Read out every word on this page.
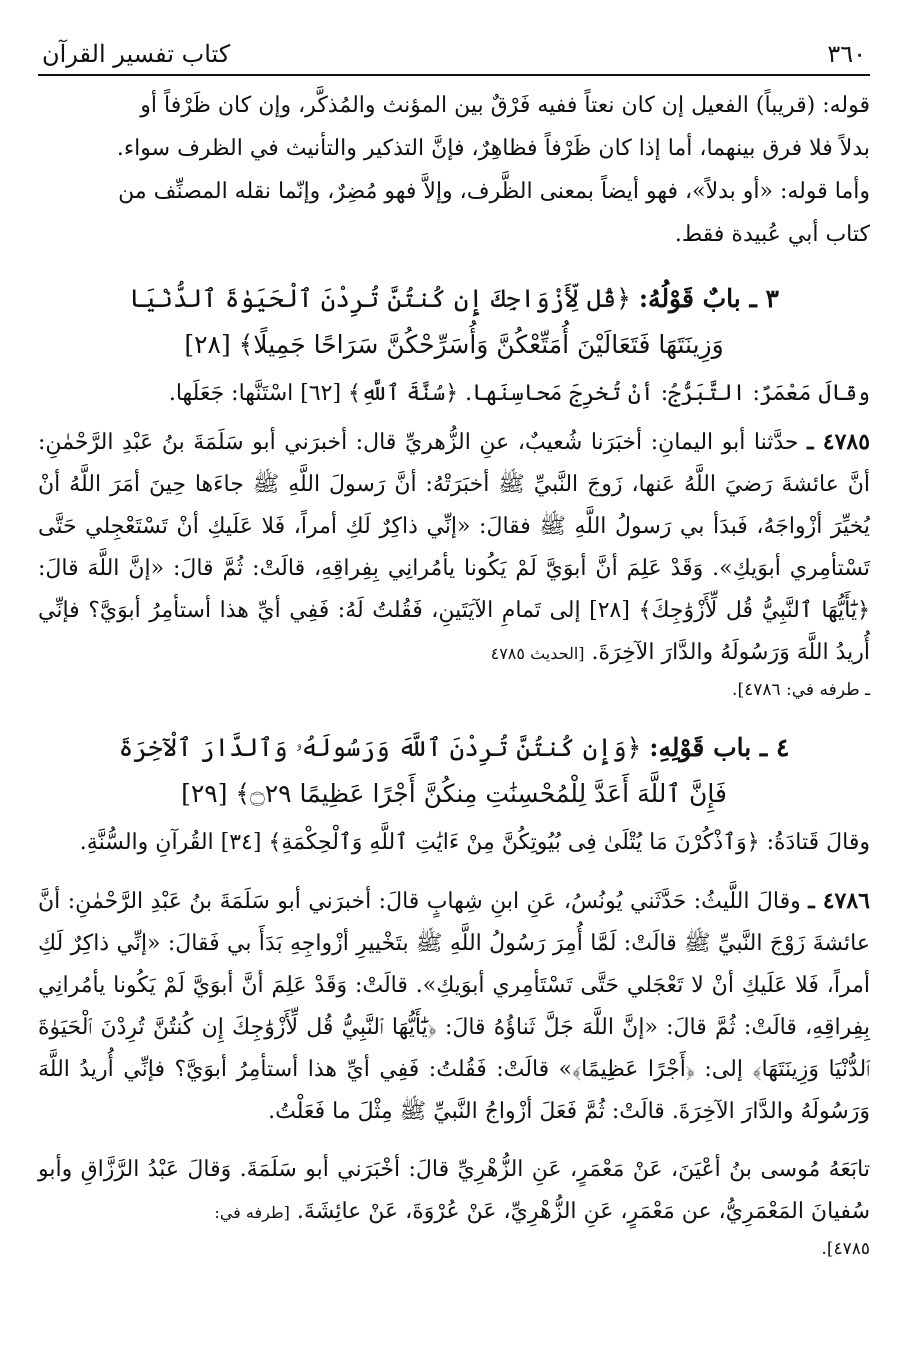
٣٦٠
كتاب تفسير القرآن

قوله: (قريباً) الفعيل إن كان نعتاً ففيه فَرْقٌ بين المؤنث والمُذكَّر، وإن كان ظَرْفاً أو

بدلاً فلا فرق بينهما، أما إذا كان ظَرْفاً فظاهِرٌ، فإنَّ التذكير والتأنيث في الظرف سواء.

وأما قوله: «أو بدلاً»، فهو أيضاً بمعنى الظَّرف، وإلاَّ فهو مُضِرٌ، وإنّما نقله المصنِّف من

كتاب أبي عُبيدة فقط.

٣ ـ بابٌ قَوْلُهُ: ﴿قُل لِّأَزْوَاجِكَ إِن كُنتُنَّ تُرِدْنَ ٱلْحَيَوٰةَ ٱلدُّنْيَا
وَزِينَتَهَا فَتَعَالَيْنَ أُمَتِّعْكُنَّ وَأُسَرِّحْكُنَّ سَرَاحًا جَمِيلًا﴾ [٢٨]

وقالَ مَعْمَرٌ: التَّبَرُّجُ: أنْ تُخرِجَ مَحاسِنَها. ﴿سُنَّةَ ٱللَّهِ﴾ [٦٢] اسْتَنَّها: جَعَلَها.

٤٧٨٥ ـ حدَّثنا أبو اليمانِ: أخبَرَنا شُعيبٌ، عنِ الزُّهريِّ قال: أخبرَني أبو سَلَمَةَ بنُ عَبْدِ الرَّحْمٰنِ: أنَّ عائشةَ رَضيَ اللَّهُ عَنها، زَوجَ النَّبيِّ ﷺ أخبَرَتْهُ: أنَّ رَسولَ اللَّهِ ﷺ جاءَها حِينَ أمَرَ اللَّهُ أنْ يُخيِّرَ أزْواجَهُ، فَبدَأ بي رَسولُ اللَّهِ ﷺ فقالَ: «إنِّي ذاكِرٌ لَكِ أمراً، فَلا عَلَيكِ أنْ تَسْتَعْجِلي حَتَّى تَسْتأمِري أبوَيكِ». وَقَدْ عَلِمَ أنَّ أبوَيَّ لَمْ يَكُونا يأمُرانِي بِفِراقِهِ، قالَتْ: ثُمَّ قالَ: «إنَّ اللَّهَ قالَ: ﴿يَٰٓأَيُّهَا ٱلنَّبِيُّ قُل لِّأَزْوَٰجِكَ﴾ [٢٨] إلى تَمامِ الآيَتَينِ، فَقُلتُ لَهُ: فَفِي أيِّ هذا أستأمِرُ أبوَيَّ؟ فإنِّي أُريدُ اللَّهَ وَرَسُولَهُ والدَّارَ الآخِرَةَ. [الحديث ٤٧٨٥

ـ طرفه في: ٤٧٨٦].

٤ ـ باب قَوْلِهِ: ﴿وَإِن كُنتُنَّ تُرِدْنَ ٱللَّهَ وَرَسُولَهُۥ وَٱلدَّارَ ٱلْآخِرَةَ
فَإِنَّ ٱللَّهَ أَعَدَّ لِلْمُحْسِنَٰتِ مِنكُنَّ أَجْرًا عَظِيمًا ۝٢٩﴾ [٢٩]

وقالَ قَتادَةُ: ﴿وَٱذْكُرْنَ مَا يُتْلَىٰ فِى بُيُوتِكُنَّ مِنْ ءَايَٰتِ ٱللَّهِ وَٱلْحِكْمَةِ﴾ [٣٤] القُرآنِ والسُّنَّةِ.

٤٧٨٦ ـ وقالَ اللَّيثُ: حَدَّثَني يُونُسُ، عَنِ ابنِ شِهابٍ قالَ: أخبرَني أبو سَلَمَةَ بنُ عَبْدِ الرَّحْمٰنِ: أنَّ عائشةَ زَوْجَ النَّبيِّ ﷺ قالَتْ: لَمَّا أُمِرَ رَسُولُ اللَّهِ ﷺ بتَخْييرِ أزْواجِهِ بَدَأَ بي فَقالَ: «إنِّي ذاكِرٌ لَكِ أمراً، فَلا عَلَيكِ أنْ لا تَعْجَلي حَتَّى تَسْتَأمِري أبوَيكِ». قالَتْ: وَقَدْ عَلِمَ أنَّ أبوَيَّ لَمْ يَكُونا يأمُرانِي بِفِراقِهِ، قالَتْ: ثُمَّ قالَ: «إنَّ اللَّهَ جَلَّ ثَناؤُهُ قالَ: ﴿يَٰٓأَيُّهَا ٱلنَّبِيُّ قُل لِّأَزْوَٰجِكَ إِن كُنتُنَّ تُرِدْنَ ٱلْحَيَوٰةَ ٱلدُّنْيَا وَزِينَتَهَا﴾ إلى: ﴿أَجْرًا عَظِيمًا﴾» قالَتْ: فَقُلتُ: فَفِي أيِّ هذا أستأمِرُ أبوَيَّ؟ فإنِّي أُريدُ اللَّهَ وَرَسُولَهُ والدَّارَ الآخِرَةَ. قالَتْ: ثُمَّ فَعَلَ أزْواجُ النَّبيِّ ﷺ مِثْلَ ما فَعَلْتُ.

تابَعَهُ مُوسى بنُ أعْيَنَ، عَنْ مَعْمَرٍ، عَنِ الزُّهْرِيِّ قالَ: أخْبَرَني أبو سَلَمَةَ. وَقالَ عَبْدُ الرَّزَّاقِ وأبو سُفيانَ المَعْمَرِيُّ، عن مَعْمَرٍ، عَنِ الزُّهْرِيِّ، عَنْ عُرْوَةَ، عَنْ عائِشَةَ. [طرفه في:

٤٧٨٥].
